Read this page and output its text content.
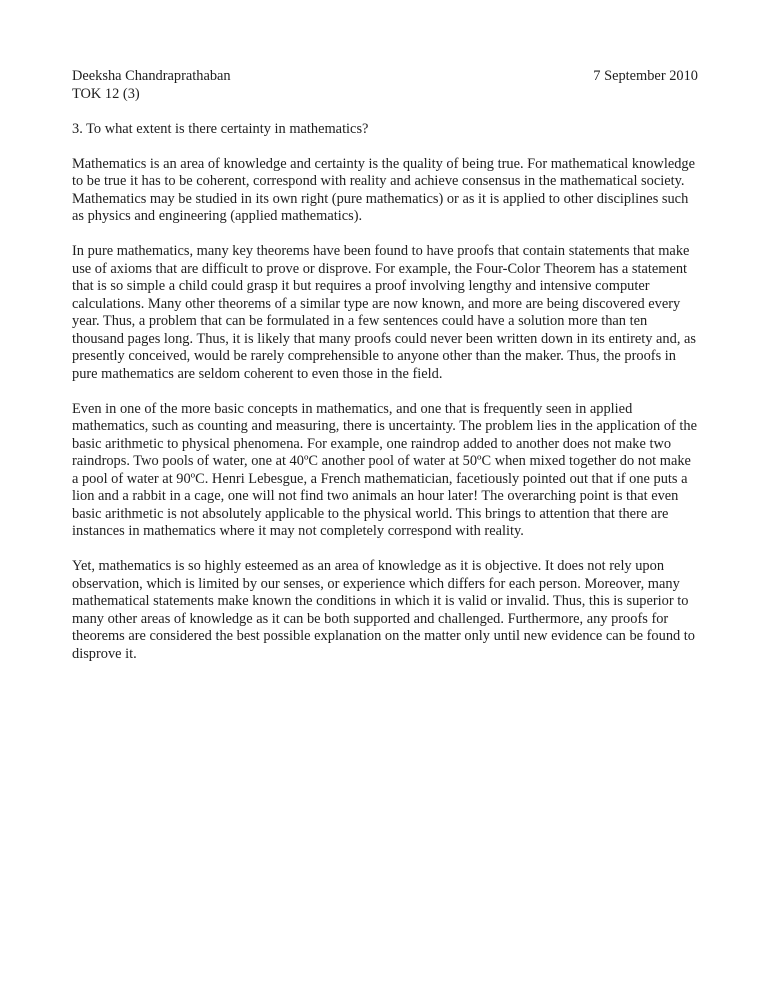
Deeksha Chandraprathaban	7 September 2010
TOK 12 (3)

3. To what extent is there certainty in mathematics?

Mathematics is an area of knowledge and certainty is the quality of being true. For mathematical knowledge to be true it has to be coherent, correspond with reality and achieve consensus in the mathematical society. Mathematics may be studied in its own right (pure mathematics) or as it is applied to other disciplines such as physics and engineering (applied mathematics).

In pure mathematics, many key theorems have been found to have proofs that contain statements that make use of axioms that are difficult to prove or disprove. For example, the Four-Color Theorem has a statement that is so simple a child could grasp it but requires a proof involving lengthy and intensive computer calculations. Many other theorems of a similar type are now known, and more are being discovered every year. Thus, a problem that can be formulated in a few sentences could have a solution more than ten thousand pages long. Thus, it is likely that many proofs could never been written down in its entirety and, as presently conceived, would be rarely comprehensible to anyone other than the maker. Thus, the proofs in pure mathematics are seldom coherent to even those in the field.

Even in one of the more basic concepts in mathematics, and one that is frequently seen in applied mathematics, such as counting and measuring, there is uncertainty. The problem lies in the application of the basic arithmetic to physical phenomena. For example, one raindrop added to another does not make two raindrops. Two pools of water, one at 40ºC another pool of water at 50ºC when mixed together do not make a pool of water at 90ºC. Henri Lebesgue, a French mathematician, facetiously pointed out that if one puts a lion and a rabbit in a cage, one will not find two animals an hour later! The overarching point is that even basic arithmetic is not absolutely applicable to the physical world. This brings to attention that there are instances in mathematics where it may not completely correspond with reality.

Yet, mathematics is so highly esteemed as an area of knowledge as it is objective. It does not rely upon observation, which is limited by our senses, or experience which differs for each person. Moreover, many mathematical statements make known the conditions in which it is valid or invalid. Thus, this is superior to many other areas of knowledge as it can be both supported and challenged. Furthermore, any proofs for theorems are considered the best possible explanation on the matter only until new evidence can be found to disprove it.
